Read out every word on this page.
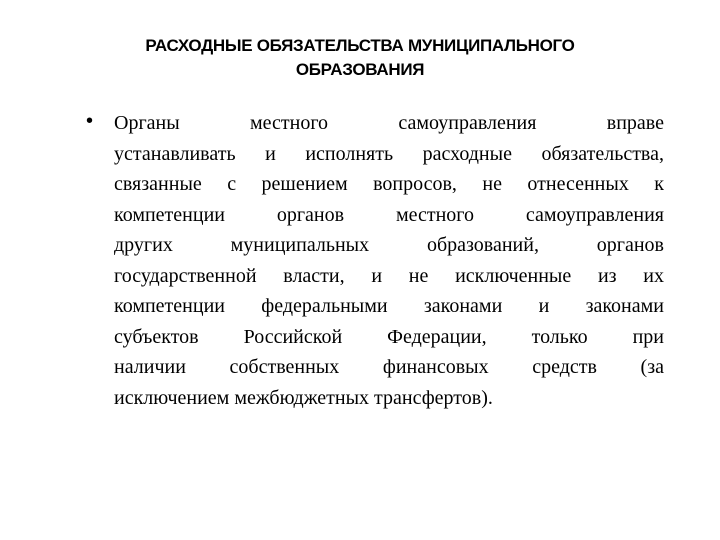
РАСХОДНЫЕ ОБЯЗАТЕЛЬСТВА МУНИЦИПАЛЬНОГО
ОБРАЗОВАНИЯ
• Органы местного самоуправления вправе
устанавливать и исполнять расходные обязательства,
связанные с решением вопросов, не отнесенных к
компетенции органов местного самоуправления
других муниципальных образований, органов
государственной власти, и не исключенные из их
компетенции федеральными законами и законами
субъектов Российской Федерации, только при
наличии собственных финансовых средств (за
исключением межбюджетных трансфертов).
